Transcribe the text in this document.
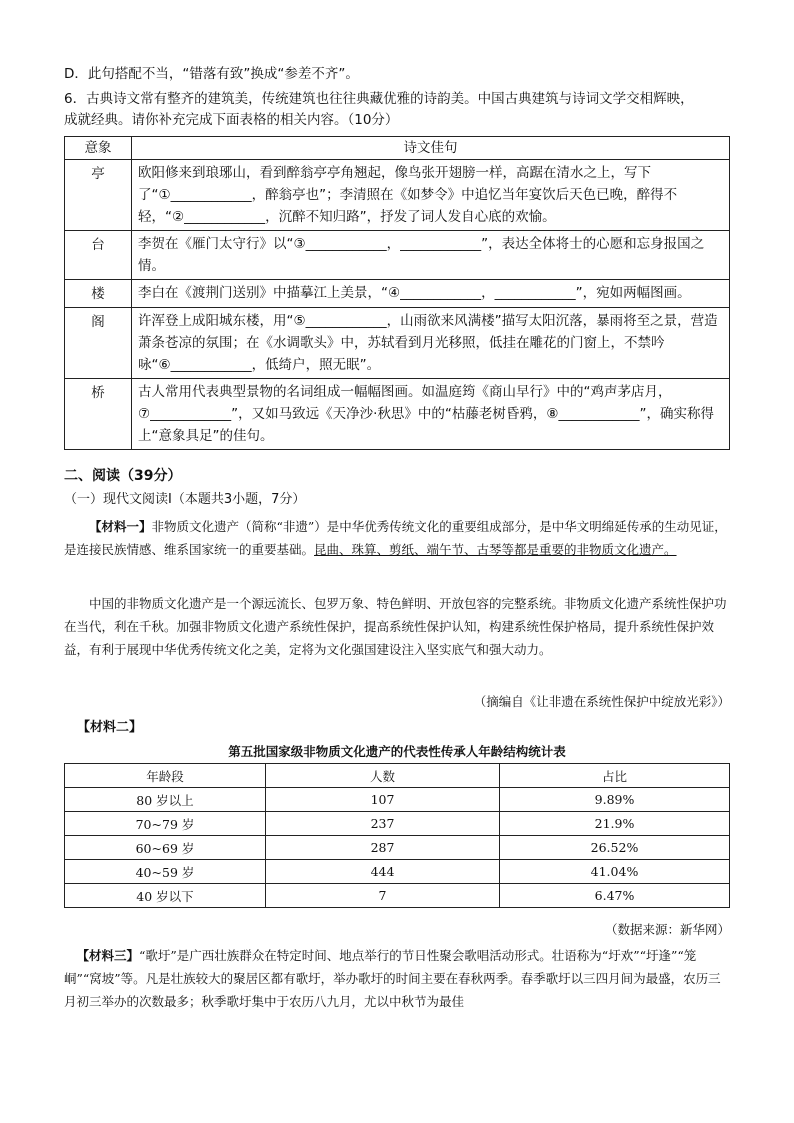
D．此句搭配不当，“错落有致”换成“参差不齐”。

6．古典诗文常有整齐的建筑美，传统建筑也往往典藏优雅的诗韵美。中国古典建筑与诗词文学交相辉映，

成就经典。请你补充完成下面表格的相关内容。（10分）

意象	诗文佳句
亭	欧阳修来到琅琊山，看到醉翁亭亭角翘起，像鸟张开翅膀一样，高踞在清水之上，写下了“①____________，醉翁亭也”；李清照在《如梦令》中追忆当年宴饮后天色已晚，醉得不轻，“②____________，沉醉不知归路”，抒发了词人发自心底的欢愉。
台	李贺在《雁门太守行》以“③____________，____________”，表达全体将士的心愿和忘身报国之情。
楼	李白在《渡荆门送别》中描摹江上美景，“④____________，____________”，宛如两幅图画。
阁	许浑登上成阳城东楼，用“⑤____________，山雨欲来风满楼”描写太阳沉落，暴雨将至之景，营造萧条苍凉的氛围；在《水调歌头》中，苏轼看到月光移照，低挂在雕花的门窗上，不禁吟咏“⑥____________，低绮户，照无眠”。
桥	古人常用代表典型景物的名词组成一幅幅图画。如温庭筠《商山早行》中的“鸡声茅店月，⑦____________”，又如马致远《天净沙·秋思》中的“枯藤老树昏鸦，⑧____________”，确实称得上“意象具足”的佳句。

二、阅读（39分）

（一）现代文阅读Ⅰ（本题共3小题，7分）

【材料一】非物质文化遗产（简称“非遗”）是中华优秀传统文化的重要组成部分，是中华文明绵延传承的生动见证，是连接民族情感、维系国家统一的重要基础。昆曲、珠算、剪纸、端午节、古琴等都是重要的非物质文化遗产。

中国的非物质文化遗产是一个源远流长、包罗万象、特色鲜明、开放包容的完整系统。非物质文化遗产系统性保护功在当代，利在千秋。加强非物质文化遗产系统性保护，提高系统性保护认知，构建系统性保护格局，提升系统性保护效益，有利于展现中华优秀传统文化之美，定将为文化强国建设注入坚实底气和强大动力。

（摘编自《让非遗在系统性保护中绽放光彩》）

【材料二】

第五批国家级非物质文化遗产的代表性传承人年龄结构统计表

年龄段	人数	占比
80 岁以上	107	9.89%
70~79 岁	237	21.9%
60~69 岁	287	26.52%
40~59 岁	444	41.04%
40 岁以下	7	6.47%

（数据来源：新华网）

【材料三】“歌圩”是广西壮族群众在特定时间、地点举行的节日性聚会歌唱活动形式。壮语称为“圩欢”“圩逢”“笼峒”“窝坡”等。凡是壮族较大的聚居区都有歌圩，举办歌圩的时间主要在春秋两季。春季歌圩以三四月间为最盛，农历三月初三举办的次数最多；秋季歌圩集中于农历八九月，尤以中秋节为最佳
